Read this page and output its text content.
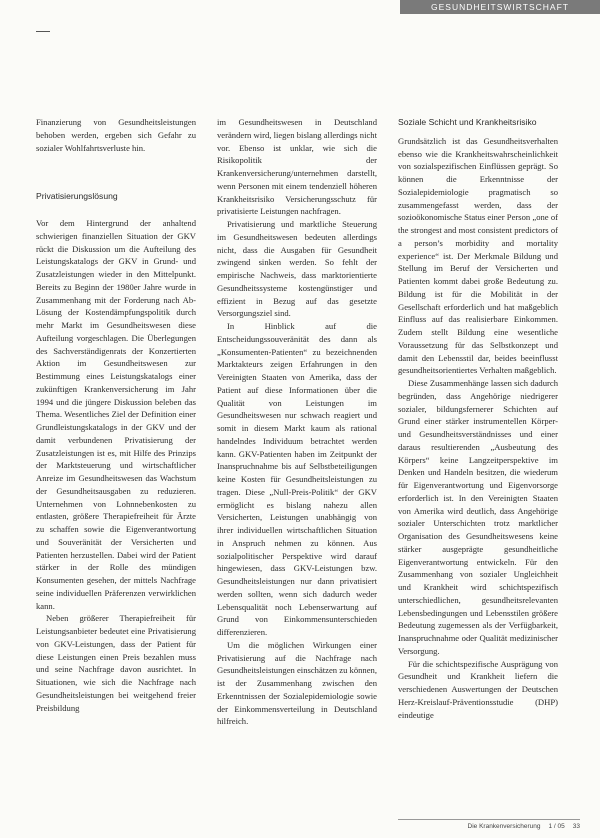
GESUNDHEITSWIRTSCHAFT

Finanzierung von Gesundheitsleistungen behoben werden, ergeben sich Gefahr zu sozialer Wohlfahrtsverluste hin.

Privatisierungslösung

Vor dem Hintergrund der anhaltend schwierigen finanziellen Situation der GKV rückt die Diskussion um die Aufteilung des Leistungskatalogs der GKV in Grund- und Zusatzleistungen wieder in den Mittelpunkt. Bereits zu Beginn der 1980er Jahre wurde in Zusammenhang mit der Forderung nach Ab-Lösung der Kostendämpfungspolitik durch mehr Markt im Gesundheitswesen diese Aufteilung vorgeschlagen. Die Überlegungen des Sachverständigenrats der Konzertierten Aktion im Gesundheitswesen zur Bestimmung eines Leistungskatalogs einer zukünftigen Krankenversicherung im Jahr 1994 und die jüngere Diskussion beleben das Thema. Wesentliches Ziel der Definition einer Grundleistungskatalogs in der GKV und der damit verbundenen Privatisierung der Zusatzleistungen ist es, mit Hilfe des Prinzips der Marktsteuerung und wirtschaftlicher Anreize im Gesundheitswesen das Wachstum der Gesundheitsausgaben zu reduzieren. Unternehmen von Lohnnebenkosten zu entlasten, größere Therapiefreiheit für Ärzte zu schaffen sowie die Eigenverantwortung und Souveränität der Versicherten und Patienten herzustellen. Dabei wird der Patient stärker in der Rolle des mündigen Konsumenten gesehen, der mittels Nachfrage seine individuellen Präferenzen verwirklichen kann.

Neben größerer Therapiefreiheit für Leistungsanbieter bedeutet eine Privatisierung von GKV-Leistungen, dass der Patient für diese Leistungen einen Preis bezahlen muss und seine Nachfrage davon ausrichtet. In Situationen, wie sich die Nachfrage nach Gesundheitsleistungen bei weitgehend freier Preisbildung

im Gesundheitswesen in Deutschland verändern wird, liegen bislang allerdings nicht vor. Ebenso ist unklar, wie sich die Risikopolitik der Krankenversicherung/unternehmen darstellt, wenn Personen mit einem tendenziell höheren Krankheitsrisiko Versicherungsschutz für privatisierte Leistungen nachfragen.

Privatisierung und marktliche Steuerung im Gesundheitswesen bedeuten allerdings nicht, dass die Ausgaben für Gesundheit zwingend sinken werden. So fehlt der empirische Nachweis, dass marktorientierte Gesundheitssysteme kostengünstiger und effizient in Bezug auf das gesetzte Versorgungsziel sind.

In Hinblick auf die Entscheidungssouveränität des dann als „Konsumenten-Patienten“ zu bezeichnenden Marktakteurs zeigen Erfahrungen in den Vereinigten Staaten von Amerika, dass der Patient auf diese Informationen über die Qualität von Leistungen im Gesundheitswesen nur schwach reagiert und somit in diesem Markt kaum als rational handelndes Individuum betrachtet werden kann. GKV-Patienten haben im Zeitpunkt der Inanspruchnahme bis auf Selbstbeteiligungen keine Kosten für Gesundheitsleistungen zu tragen. Diese „Null-Preis-Politik“ der GKV ermöglicht es bislang nahezu allen Versicherten, Leistungen unabhängig von ihrer individuellen wirtschaftlichen Situation in Anspruch nehmen zu können. Aus sozialpolitischer Perspektive wird darauf hingewiesen, dass GKV-Leistungen bzw. Gesundheitsleistungen nur dann privatisiert werden sollten, wenn sich dadurch weder Lebensqualität noch Lebenserwartung auf Grund von Einkommensunterschieden differenzieren.

Um die möglichen Wirkungen einer Privatisierung auf die Nachfrage nach Gesundheitsleistungen einschätzen zu können, ist der Zusammenhang zwischen den Erkenntnissen der Sozialepidemiologie sowie der Einkommensverteilung in Deutschland hilfreich.

Soziale Schicht und Krankheitsrisiko

Grundsätzlich ist das Gesundheitsverhalten ebenso wie die Krankheitswahrscheinlichkeit von sozialspezifischen Einflüssen geprägt. So können die Erkenntnisse der Sozialepidemiologie pragmatisch so zusammengefasst werden, dass der sozioökonomische Status einer Person „one of the strongest and most consistent predictors of a person’s morbidity and mortality experience“ ist. Der Merkmale Bildung und Stellung im Beruf der Versicherten und Patienten kommt dabei große Bedeutung zu. Bildung ist für die Mobilität in der Gesellschaft erforderlich und hat maßgeblich Einfluss auf das realisierbare Einkommen. Zudem stellt Bildung eine wesentliche Voraussetzung für das Selbstkonzept und damit den Lebensstil dar, beides beeinflusst gesundheitsorientiertes Verhalten maßgeblich.

Diese Zusammenhänge lassen sich dadurch begründen, dass Angehörige niedrigerer sozialer, bildungsfernerer Schichten auf Grund einer stärker instrumentellen Körper- und Gesundheitsverständnisses und einer daraus resultierenden „Ausbeutung des Körpers“ keine Langzeitperspektive im Denken und Handeln besitzen, die wiederum für Eigenverantwortung und Eigenvorsorge erforderlich ist. In den Vereinigten Staaten von Amerika wird deutlich, dass Angehörige sozialer Unterschichten trotz marktlicher Organisation des Gesundheitswesens keine stärker ausgeprägte gesundheitliche Eigenverantwortung entwickeln. Für den Zusammenhang von sozialer Ungleichheit und Krankheit wird schichtspezifisch unterschiedlichen, gesundheitsrelevanten Lebensbedingungen und Lebensstilen größere Bedeutung zugemessen als der Verfügbarkeit, Inanspruchnahme oder Qualität medizinischer Versorgung.

Für die schichtspezifische Ausprägung von Gesundheit und Krankheit liefern die verschiedenen Auswertungen der Deutschen Herz-Kreislauf-Präventionsstudie (DHP) eindeutige

Die Krankenversicherung 1 / 05 33
